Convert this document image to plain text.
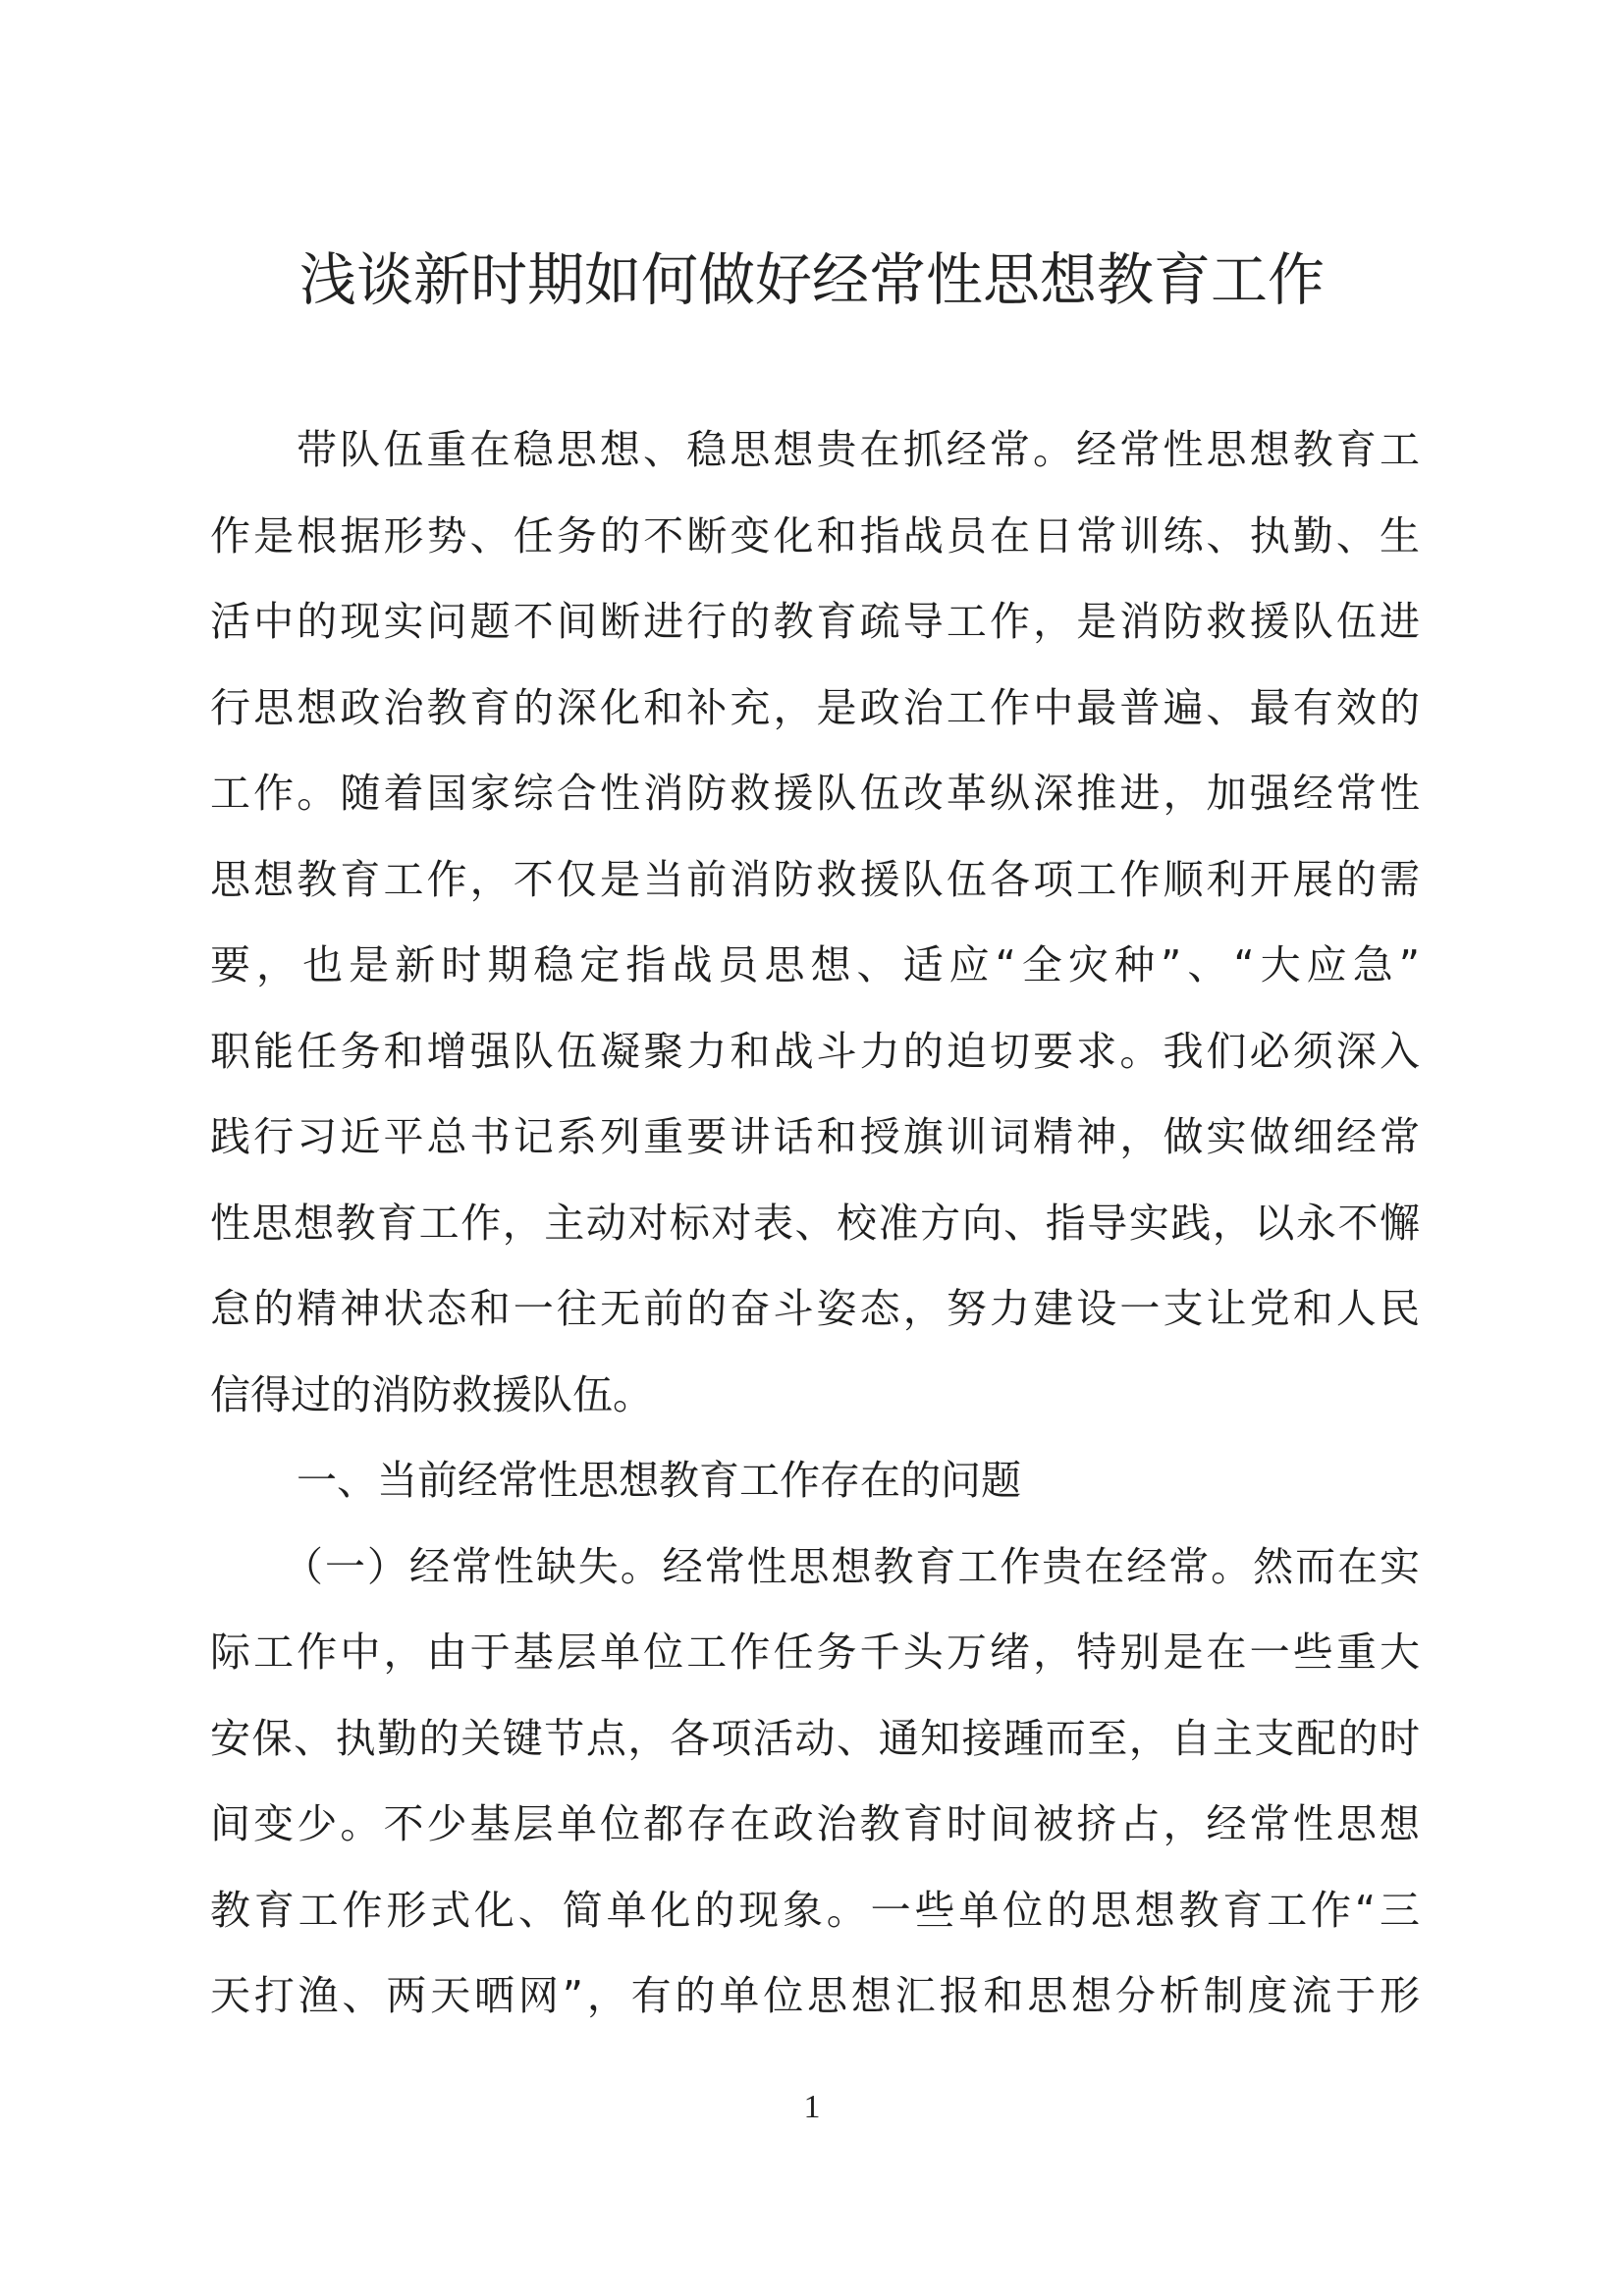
浅谈新时期如何做好经常性思想教育工作
带队伍重在稳思想、稳思想贵在抓经常。经常性思想教育工
作是根据形势、任务的不断变化和指战员在日常训练、执勤、生
活中的现实问题不间断进行的教育疏导工作，是消防救援队伍进
行思想政治教育的深化和补充，是政治工作中最普遍、最有效的
工作。随着国家综合性消防救援队伍改革纵深推进，加强经常性
思想教育工作，不仅是当前消防救援队伍各项工作顺利开展的需
要，也是新时期稳定指战员思想、适应“全灾种”、“大应急”
职能任务和增强队伍凝聚力和战斗力的迫切要求。我们必须深入
践行习近平总书记系列重要讲话和授旗训词精神，做实做细经常
性思想教育工作，主动对标对表、校准方向、指导实践，以永不懈
怠的精神状态和一往无前的奋斗姿态，努力建设一支让党和人民
信得过的消防救援队伍。
一、当前经常性思想教育工作存在的问题
（一）经常性缺失。经常性思想教育工作贵在经常。然而在实
际工作中，由于基层单位工作任务千头万绪，特别是在一些重大
安保、执勤的关键节点，各项活动、通知接踵而至，自主支配的时
间变少。不少基层单位都存在政治教育时间被挤占，经常性思想
教育工作形式化、简单化的现象。一些单位的思想教育工作“三
天打渔、两天晒网”，有的单位思想汇报和思想分析制度流于形
1
